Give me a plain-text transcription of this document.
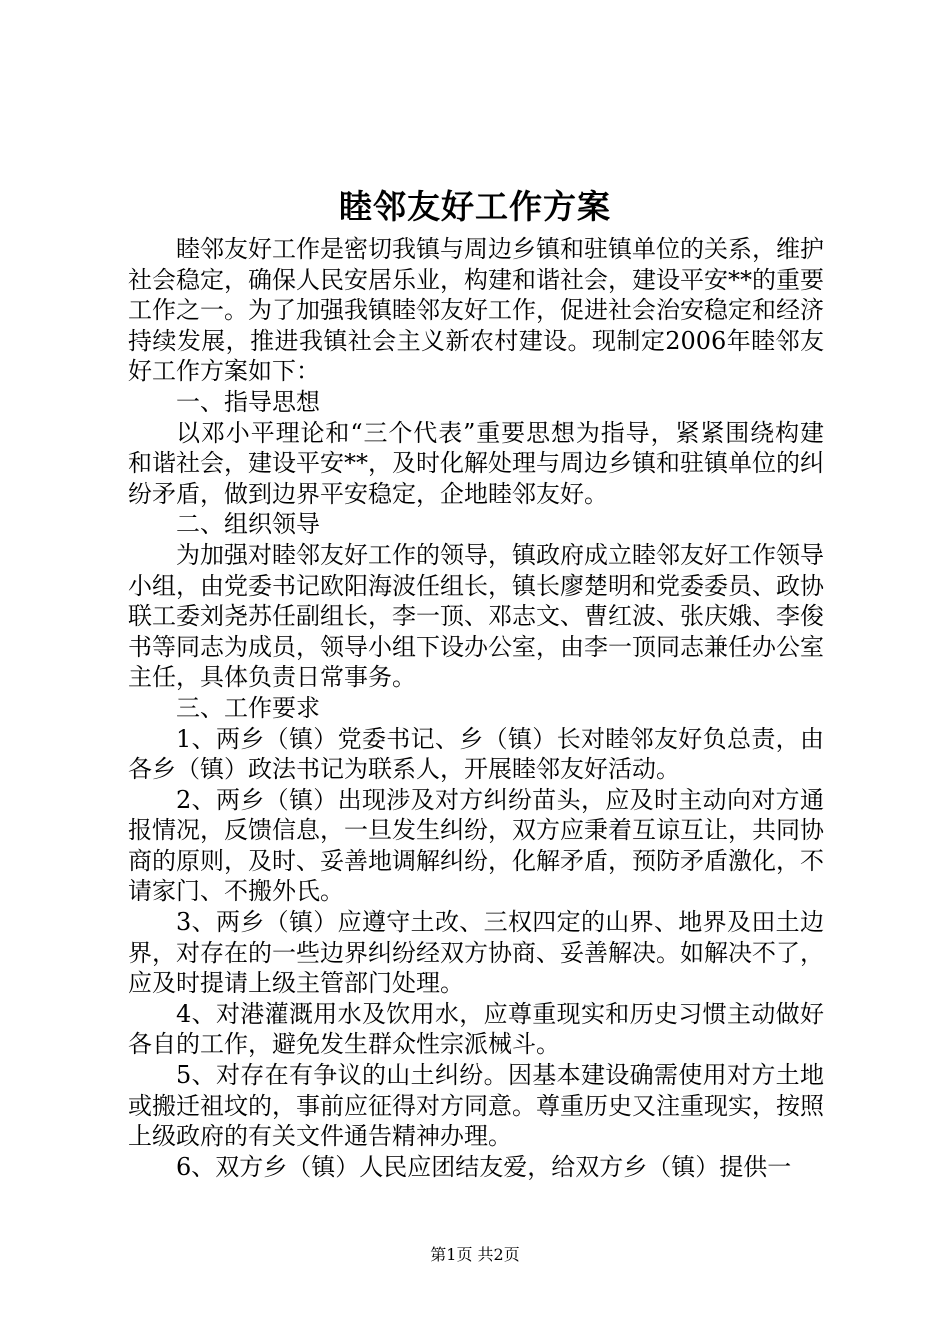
睦邻友好工作方案

睦邻友好工作是密切我镇与周边乡镇和驻镇单位的关系，维护社会稳定，确保人民安居乐业，构建和谐社会，建设平安**的重要工作之一。为了加强我镇睦邻友好工作，促进社会治安稳定和经济持续发展，推进我镇社会主义新农村建设。现制定2006年睦邻友好工作方案如下：

一、指导思想

以邓小平理论和“三个代表”重要思想为指导，紧紧围绕构建和谐社会，建设平安**，及时化解处理与周边乡镇和驻镇单位的纠纷矛盾，做到边界平安稳定，企地睦邻友好。

二、组织领导

为加强对睦邻友好工作的领导，镇政府成立睦邻友好工作领导小组，由党委书记欧阳海波任组长，镇长廖楚明和党委委员、政协联工委刘尧苏任副组长，李一顶、邓志文、曹红波、张庆娥、李俊书等同志为成员，领导小组下设办公室，由李一顶同志兼任办公室主任，具体负责日常事务。

三、工作要求

1、两乡（镇）党委书记、乡（镇）长对睦邻友好负总责，由各乡（镇）政法书记为联系人，开展睦邻友好活动。

2、两乡（镇）出现涉及对方纠纷苗头，应及时主动向对方通报情况，反馈信息，一旦发生纠纷，双方应秉着互谅互让，共同协商的原则，及时、妥善地调解纠纷，化解矛盾，预防矛盾激化，不请家门、不搬外氏。

3、两乡（镇）应遵守土改、三权四定的山界、地界及田土边界，对存在的一些边界纠纷经双方协商、妥善解决。如解决不了，应及时提请上级主管部门处理。

4、对港灌溉用水及饮用水，应尊重现实和历史习惯主动做好各自的工作，避免发生群众性宗派械斗。

5、对存在有争议的山土纠纷。因基本建设确需使用对方土地或搬迁祖坟的，事前应征得对方同意。尊重历史又注重现实，按照上级政府的有关文件通告精神办理。

6、双方乡（镇）人民应团结友爱，给双方乡（镇）提供一

第1页 共2页
